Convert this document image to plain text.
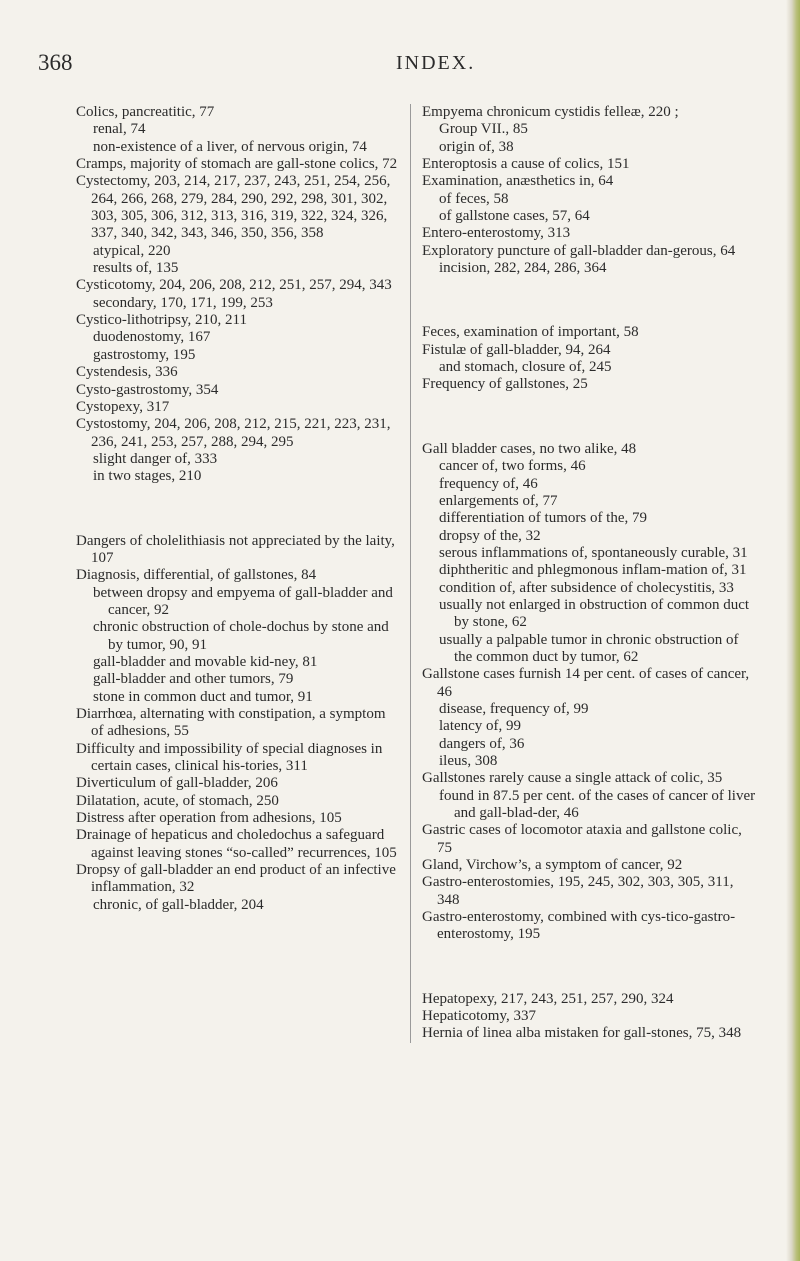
368	INDEX.

Colics, pancreatitic, 77

renal, 74

non-existence of a liver, of nervous origin, 74

Cramps, majority of stomach are gall-stone colics, 72

Cystectomy, 203, 214, 217, 237, 243, 251, 254, 256, 264, 266, 268, 279, 284, 290, 292, 298, 301, 302, 303, 305, 306, 312, 313, 316, 319, 322, 324, 326, 337, 340, 342, 343, 346, 350, 356, 358

atypical, 220

results of, 135

Cysticotomy, 204, 206, 208, 212, 251, 257, 294, 343

secondary, 170, 171, 199, 253

Cystico-lithotripsy, 210, 211

duodenostomy, 167

gastrostomy, 195

Cystendesis, 336

Cysto-gastrostomy, 354

Cystopexy, 317

Cystostomy, 204, 206, 208, 212, 215, 221, 223, 231, 236, 241, 253, 257, 288, 294, 295

slight danger of, 333

in two stages, 210

Dangers of cholelithiasis not appreciated by the laity, 107

Diagnosis, differential, of gallstones, 84

between dropsy and empyema of gall-bladder and cancer, 92

chronic obstruction of chole-dochus by stone and by tumor, 90, 91

gall-bladder and movable kid-ney, 81

gall-bladder and other tumors, 79

stone in common duct and tumor, 91

Diarrhœa, alternating with constipation, a symptom of adhesions, 55

Difficulty and impossibility of special diagnoses in certain cases, clinical his-tories, 311

Diverticulum of gall-bladder, 206

Dilatation, acute, of stomach, 250

Distress after operation from adhesions, 105

Drainage of hepaticus and choledochus a safeguard against leaving stones “so-called” recurrences, 105

Dropsy of gall-bladder an end product of an infective inflammation, 32

chronic, of gall-bladder, 204

Empyema chronicum cystidis felleæ, 220 ;

Group VII., 85

origin of, 38

Enteroptosis a cause of colics, 151

Examination, anæsthetics in, 64

of feces, 58

of gallstone cases, 57, 64

Entero-enterostomy, 313

Exploratory puncture of gall-bladder dan-gerous, 64

incision, 282, 284, 286, 364

Feces, examination of important, 58

Fistulæ of gall-bladder, 94, 264

and stomach, closure of, 245

Frequency of gallstones, 25

Gall bladder cases, no two alike, 48

cancer of, two forms, 46

frequency of, 46

enlargements of, 77

differentiation of tumors of the, 79

dropsy of the, 32

serous inflammations of, spontaneously curable, 31

diphtheritic and phlegmonous inflam-mation of, 31

condition of, after subsidence of cholecystitis, 33

usually not enlarged in obstruction of common duct by stone, 62

usually a palpable tumor in chronic obstruction of the common duct by tumor, 62

Gallstone cases furnish 14 per cent. of cases of cancer, 46

disease, frequency of, 99

latency of, 99

dangers of, 36

ileus, 308

Gallstones rarely cause a single attack of colic, 35

found in 87.5 per cent. of the cases of cancer of liver and gall-blad-der, 46

Gastric cases of locomotor ataxia and gallstone colic, 75

Gland, Virchow’s, a symptom of cancer, 92

Gastro-enterostomies, 195, 245, 302, 303, 305, 311, 348

Gastro-enterostomy, combined with cys-tico-gastro-enterostomy, 195

Hepatopexy, 217, 243, 251, 257, 290, 324

Hepaticotomy, 337

Hernia of linea alba mistaken for gall-stones, 75, 348
